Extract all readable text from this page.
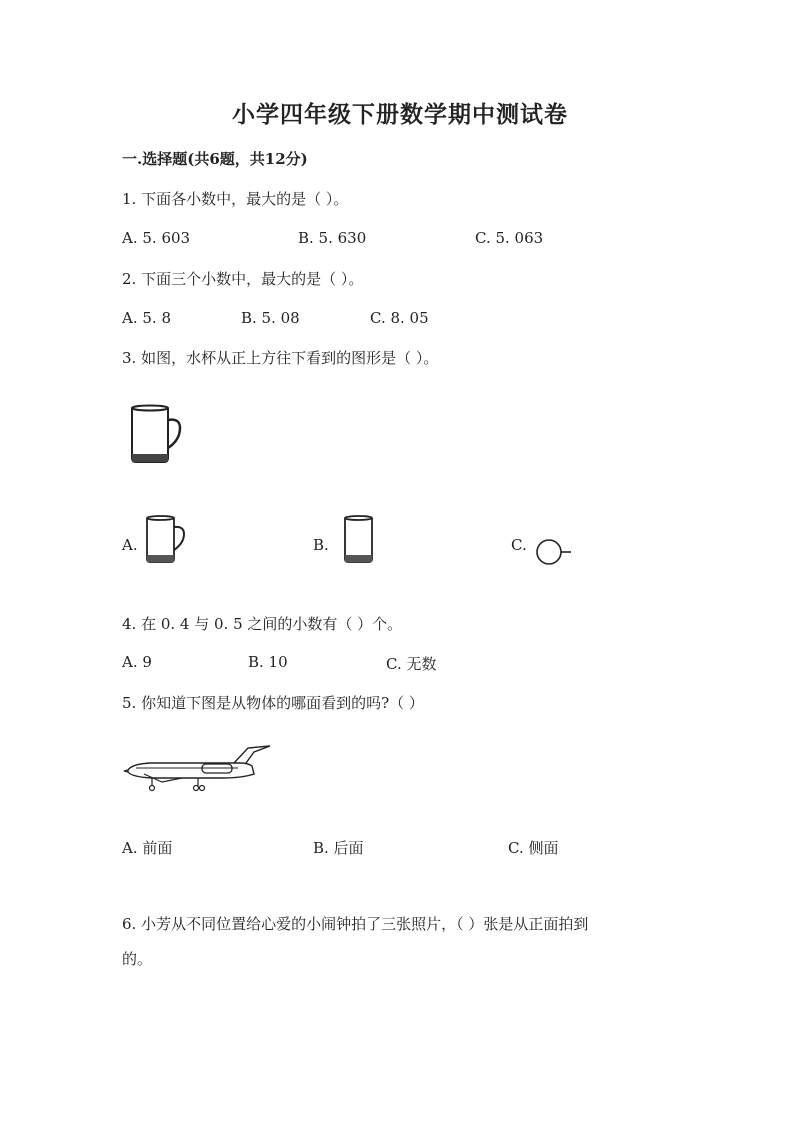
小学四年级下册数学期中测试卷
一.选择题(共6题，共12分)
1. 下面各小数中，最大的是（ ）。
A. 5. 603	B. 5. 630	C. 5. 063
2. 下面三个小数中，最大的是（ ）。
A. 5. 8	B. 5. 08	C. 8. 05
3. 如图，水杯从正上方往下看到的图形是（ ）。
A.	B.	C.
4. 在 0. 4 与 0. 5 之间的小数有（ ）个。
A. 9	B. 10	C. 无数
5. 你知道下图是从物体的哪面看到的吗?（ ）
A. 前面	B. 后面	C. 侧面
6. 小芳从不同位置给心爱的小闹钟拍了三张照片，（ ）张是从正面拍到
的。
